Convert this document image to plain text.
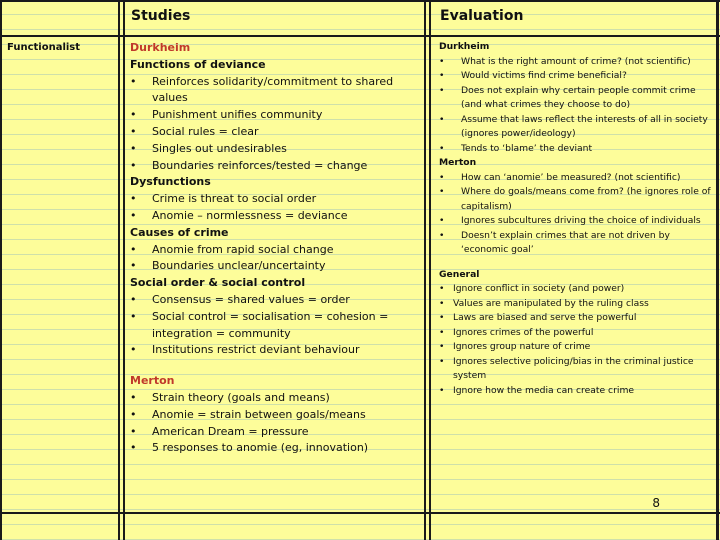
Studies	Evaluation
Functionalist	Durkheim
Functions of deviance
• Reinforces solidarity/commitment to shared values
• Punishment unifies community
• Social rules = clear
• Singles out undesirables
• Boundaries reinforces/tested = change
Dysfunctions
• Crime is threat to social order
• Anomie – normlessness = deviance
Causes of crime
• Anomie from rapid social change
• Boundaries unclear/uncertainty
Social order & social control
• Consensus = shared values = order
• Social control = socialisation = cohesion = integration = community
• Institutions restrict deviant behaviour
Merton
• Strain theory (goals and means)
• Anomie = strain between goals/means
• American Dream = pressure
• 5 responses to anomie (eg, innovation)
Durkheim
• What is the right amount of crime? (not scientific)
• Would victims find crime beneficial?
• Does not explain why certain people commit crime (and what crimes they choose to do)
• Assume that laws reflect the interests of all in society (ignores power/ideology)
• Tends to ‘blame’ the deviant
Merton
• How can ‘anomie’ be measured? (not scientific)
• Where do goals/means come from? (he ignores role of capitalism)
• Ignores subcultures driving the choice of individuals
• Doesn’t explain crimes that are not driven by ‘economic goal’
General
• Ignore conflict in society (and power)
• Values are manipulated by the ruling class
• Laws are biased and serve the powerful
• Ignores crimes of the powerful
• Ignores group nature of crime
• Ignores selective policing/bias in the criminal justice system
• Ignore how the media can create crime
8
